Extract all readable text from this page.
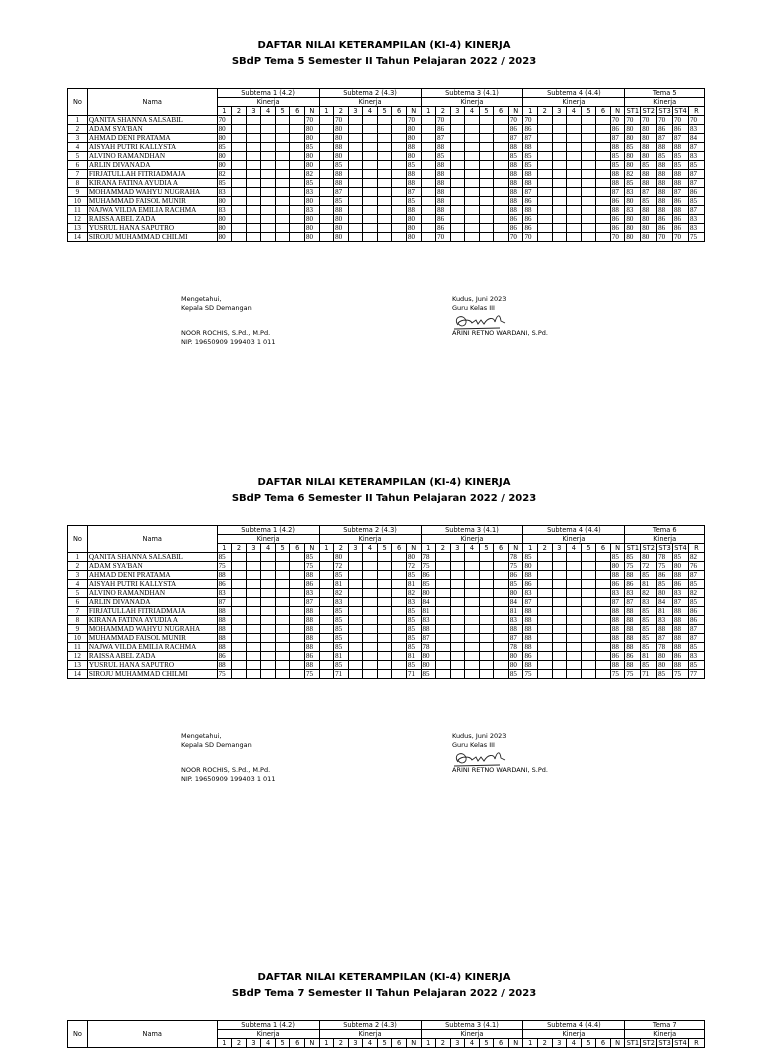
DAFTAR NILAI KETERAMPILAN (KI-4) KINERJA
SBdP Tema 5 Semester II Tahun Pelajaran 2022 / 2023
No	Nama	Subtema 1 (4.2)							Subtema 2 (4.3)							Subtema 3 (4.1)							Subtema 4 (4.4)							Tema 5				
		Kinerja							Kinerja							Kinerja							Kinerja							Kinerja				
		1	2	3	4	5	6	N	1	2	3	4	5	6	N	1	2	3	4	5	6	N	1	2	3	4	5	6	N	ST1	ST2	ST3	ST4	R
1	QANITA SHANNA SALSABIL	70						70		70					70		70					70	70						70	70	70	70	70	70
2	ADAM SYA'BAN	80						80		80					80		86					86	86						86	80	80	86	86	83
3	AHMAD DENI PRATAMA	80						80		80					80		87					87	87						87	80	80	87	87	84
4	AISYAH PUTRI KALLYSTA	85						85		88					88		88					88	88						88	85	88	88	88	87
5	ALVINO RAMANDHAN	80						80		80					80		85					85	85						85	80	80	85	85	83
6	ARLIN DIVANADA	80						80		85					85		88					88	85						85	80	85	88	85	85
7	FIRJATULLAH FITRIADMAJA	82						82		88					88		88					88	88						88	82	88	88	88	87
8	KIRANA FATINA AYUDIA A	85						85		88					88		88					88	88						88	85	88	88	88	87
9	MOHAMMAD WAHYU NUGRAHA	83						83		87					87		88					88	87						87	83	87	88	87	86
10	MUHAMMAD FAISOL MUNIR	80						80		85					85		88					88	86						86	80	85	88	86	85
11	NAJWA VILDA EMILIA RACHMA	83						83		88					88		88					88	88						88	83	88	88	88	87
12	RAISSA ABEL ZADA	80						80		80					80		86					86	86						86	80	80	86	86	83
13	YUSRUL HANA SAPUTRO	80						80		80					80		86					86	86						86	80	80	86	86	83
14	SIROJU MUHAMMAD CHILMI	80						80		80					80		70					70	70						70	80	80	70	70	75
Mengetahui,
Kepala SD Demangan
NOOR ROCHIS, S.Pd., M.Pd.
NIP. 19650909 199403 1 011
Kudus, Juni 2023
Guru Kelas III
ARINI RETNO WARDANI, S.Pd.
DAFTAR NILAI KETERAMPILAN (KI-4) KINERJA
SBdP Tema 6 Semester II Tahun Pelajaran 2022 / 2023
No	Nama	Subtema 1 (4.2)							Subtema 2 (4.3)							Subtema 3 (4.1)							Subtema 4 (4.4)							Tema 6				
		Kinerja							Kinerja							Kinerja							Kinerja							Kinerja				
		1	2	3	4	5	6	N	1	2	3	4	5	6	N	1	2	3	4	5	6	N	1	2	3	4	5	6	N	ST1	ST2	ST3	ST4	R
1	QANITA SHANNA SALSABIL	85						85		80					80	78						78	85						85	85	80	78	85	82
2	ADAM SYA'BAN	75						75		72					72	75						75	80						80	75	72	75	80	76
3	AHMAD DENI PRATAMA	88						88		85					85	86						86	88						88	88	85	86	88	87
4	AISYAH PUTRI KALLYSTA	86						86		81					81	85						85	86						86	86	81	85	86	85
5	ALVINO RAMANDHAN	83						83		82					82	80						80	83						83	83	82	80	83	82
6	ARLIN DIVANADA	87						87		83					83	84						84	87						87	87	83	84	87	85
7	FIRJATULLAH FITRIADMAJA	88						88		85					85	81						81	88						88	88	85	81	88	86
8	KIRANA FATINA AYUDIA A	88						88		85					85	83						83	88						88	88	85	83	88	86
9	MOHAMMAD WAHYU NUGRAHA	88						88		85					85	88						88	88						88	88	85	88	88	87
10	MUHAMMAD FAISOL MUNIR	88						88		85					85	87						87	88						88	88	85	87	88	87
11	NAJWA VILDA EMILIA RACHMA	88						88		85					85	78						78	88						88	88	85	78	88	85
12	RAISSA ABEL ZADA	86						86		81					81	80						80	86						86	86	81	80	86	83
13	YUSRUL HANA SAPUTRO	88						88		85					85	80						80	88						88	88	85	80	88	85
14	SIROJU MUHAMMAD CHILMI	75						75		71					71	85						85	75						75	75	71	85	75	77
Mengetahui,
Kepala SD Demangan
NOOR ROCHIS, S.Pd., M.Pd.
NIP. 19650909 199403 1 011
Kudus, Juni 2023
Guru Kelas III
ARINI RETNO WARDANI, S.Pd.
DAFTAR NILAI KETERAMPILAN (KI-4) KINERJA
SBdP Tema 7 Semester II Tahun Pelajaran 2022 / 2023
No	Nama	Subtema 1 (4.2)							Subtema 2 (4.3)							Subtema 3 (4.1)							Subtema 4 (4.4)							Tema 7				
		Kinerja							Kinerja							Kinerja							Kinerja							Kinerja				
		1	2	3	4	5	6	N	1	2	3	4	5	6	N	1	2	3	4	5	6	N	1	2	3	4	5	6	N	ST1	ST2	ST3	ST4	R
